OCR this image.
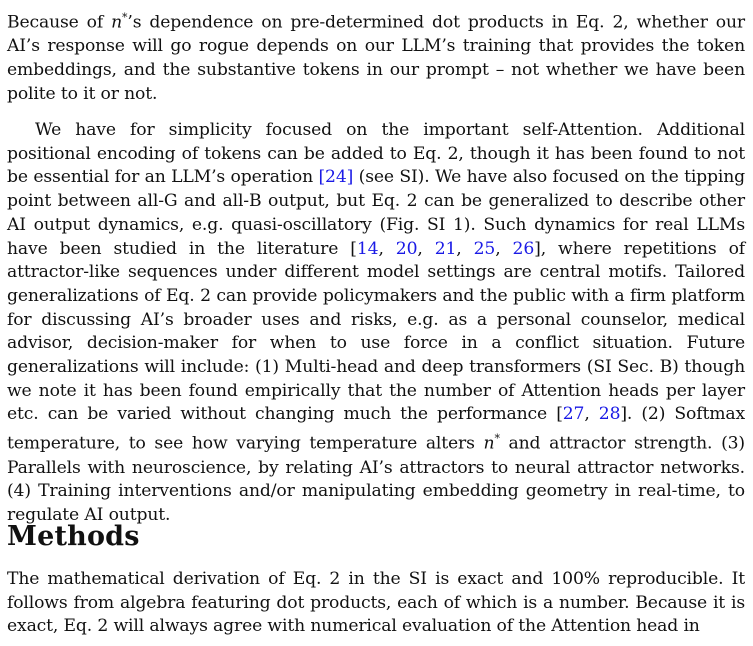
Because of n*’s dependence on pre-determined dot products in Eq. 2, whether our AI’s response will go rogue depends on our LLM’s training that provides the token embeddings, and the substantive tokens in our prompt – not whether we have been polite to it or not.

We have for simplicity focused on the important self-Attention. Additional positional encoding of tokens can be added to Eq. 2, though it has been found to not be essential for an LLM’s operation [24] (see SI). We have also focused on the tipping point between all-G and all-B output, but Eq. 2 can be generalized to describe other AI output dynamics, e.g. quasi-oscillatory (Fig. SI 1). Such dynamics for real LLMs have been studied in the literature [14, 20, 21, 25, 26], where repetitions of attractor-like sequences under different model settings are central motifs. Tailored generalizations of Eq. 2 can provide policymakers and the public with a firm platform for discussing AI’s broader uses and risks, e.g. as a personal counselor, medical advisor, decision-maker for when to use force in a conflict situation. Future generalizations will include: (1) Multi-head and deep transformers (SI Sec. B) though we note it has been found empirically that the number of Attention heads per layer etc. can be varied without changing much the performance [27, 28]. (2) Softmax temperature, to see how varying temperature alters n* and attractor strength. (3) Parallels with neuroscience, by relating AI’s attractors to neural attractor networks. (4) Training interventions and/or manipulating embedding geometry in real-time, to regulate AI output.

Methods

The mathematical derivation of Eq. 2 in the SI is exact and 100% reproducible. It follows from algebra featuring dot products, each of which is a number. Because it is exact, Eq. 2 will always agree with numerical evaluation of the Attention head in
